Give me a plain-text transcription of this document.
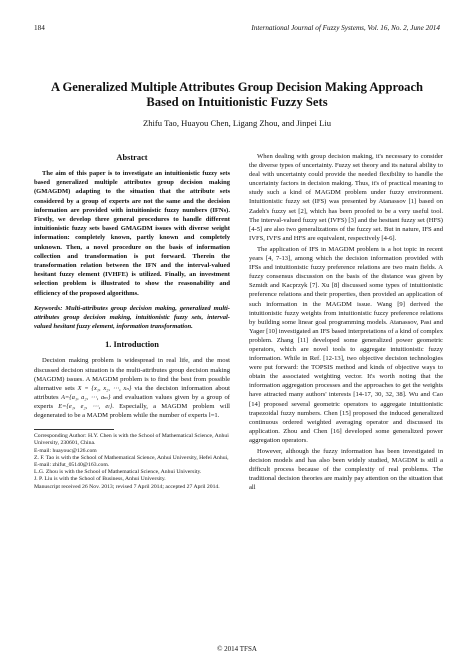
184	International Journal of Fuzzy Systems, Vol. 16, No. 2, June 2014
A Generalized Multiple Attributes Group Decision Making Approach Based on Intuitionistic Fuzzy Sets
Zhifu Tao, Huayou Chen, Ligang Zhou, and Jinpei Liu
Abstract

The aim of this paper is to investigate an intuitionistic fuzzy sets based generalized multiple attributes group decision making (GMAGDM) adapting to the situation that the attribute sets considered by a group of experts are not the same and the decision information are provided with intuitionistic fuzzy numbers (IFNs). Firstly, we develop three general procedures to handle different intuitionistic fuzzy sets based GMAGDM issues with diverse weight information: completely known, partly known and completely unknown. Then, a novel procedure on the basis of information collection and transformation is put forward. Therein the transformation relation between the IFN and the interval-valued hesitant fuzzy element (IVHFE) is utilized. Finally, an investment selection problem is illustrated to show the reasonability and efficiency of the proposed algorithms.

Keywords: Multi-attributes group decision making, generalized multi-attributes group decision making, intuitionistic fuzzy sets, interval-valued hesitant fuzzy element, information transformation.

1. Introduction

Decision making problem is widespread in real life, and the most discussed decision situation is the multi-attributes group decision making (MAGDM) issues. A MAGDM problem is to find the best from possible alternative sets X = {x₁, x₂, ⋯, xₙ} via the decision information about attributes A={a₁, a₂, ⋯, aₘ} and evaluation values given by a group of experts E={e₁, e₂, ⋯, eₗ}. Especially, a MAGDM problem will degenerated to be a MADM problem while the number of experts l=1.

Corresponding Author: H.Y. Chen is with the School of Mathematical Science, Anhui University, 230601, China.
E-mail: huayouc@126.com
Z. F. Tao is with the School of Mathematical Science, Anhui University, Hefei Anhui, E-mail: zhifut_05140@163.com.
L.G. Zhou is with the School of Mathematical Science, Anhui University.
J. P. Liu is with the School of Business, Anhui University.
Manuscript received 26 Nov. 2013; revised 7 April 2014; accepted 27 April 2014.

When dealing with group decision making, it's necessary to consider the diverse types of uncertainty. Fuzzy set theory and its natural ability to deal with uncertainty could provide the needed flexibility to handle the uncertainty factors in decision making. Thus, it's of practical meaning to study such a kind of MAGDM problem under fuzzy environment. Intuitionistic fuzzy set (IFS) was presented by Atanassov [1] based on Zadeh's fuzzy set [2], which has been proofed to be a very useful tool. The interval-valued fuzzy set (IVFS) [3] and the hesitant fuzzy set (HFS) [4-5] are also two generalizations of the fuzzy set. But in nature, IFS and IVFS, IVFS and HFS are equivalent, respectively [4-6].

The application of IFS in MAGDM problem is a hot topic in recent years [4, 7-13], among which the decision information provided with IFSs and intuitionistic fuzzy preference relations are two main fields. A fuzzy consensus discussion on the basis of the distance was given by Szmidt and Kacprzyk [7]. Xu [8] discussed some types of intuitionistic preference relations and their properties, then provided an application of such information in the MAGDM issue. Wang [9] derived the intuitionistic fuzzy weights from intuitionistic fuzzy preference relations by building some linear goal programming models. Atanassov, Pasi and Yager [10] investigated an IFS based interpretations of a kind of complex problem. Zhang [11] developed some generalized power geometric operators, which are novel tools to aggregate intuitionistic fuzzy information. While in Ref. [12-13], two objective decision technologies were put forward: the TOPSIS method and kinds of objective ways to obtain the associated weighting vector. It's worth noting that the information aggregation processes and the approaches to get the weights have attracted many authors' interests [14-17, 30, 32, 38]. Wu and Cao [14] proposed several geometric operators to aggregate intuitionistic trapezoidal fuzzy numbers. Chen [15] proposed the induced generalized continuous ordered weighted averaging operator and discussed its application. Zhou and Chen [16] developed some generalized power aggregation operators.

However, although the fuzzy information has been investigated in decision models and has also been widely studied, MAGDM is still a difficult process because of the complexity of real problems. The traditional decision theories are mainly pay attention on the situation that all

© 2014 TFSA
